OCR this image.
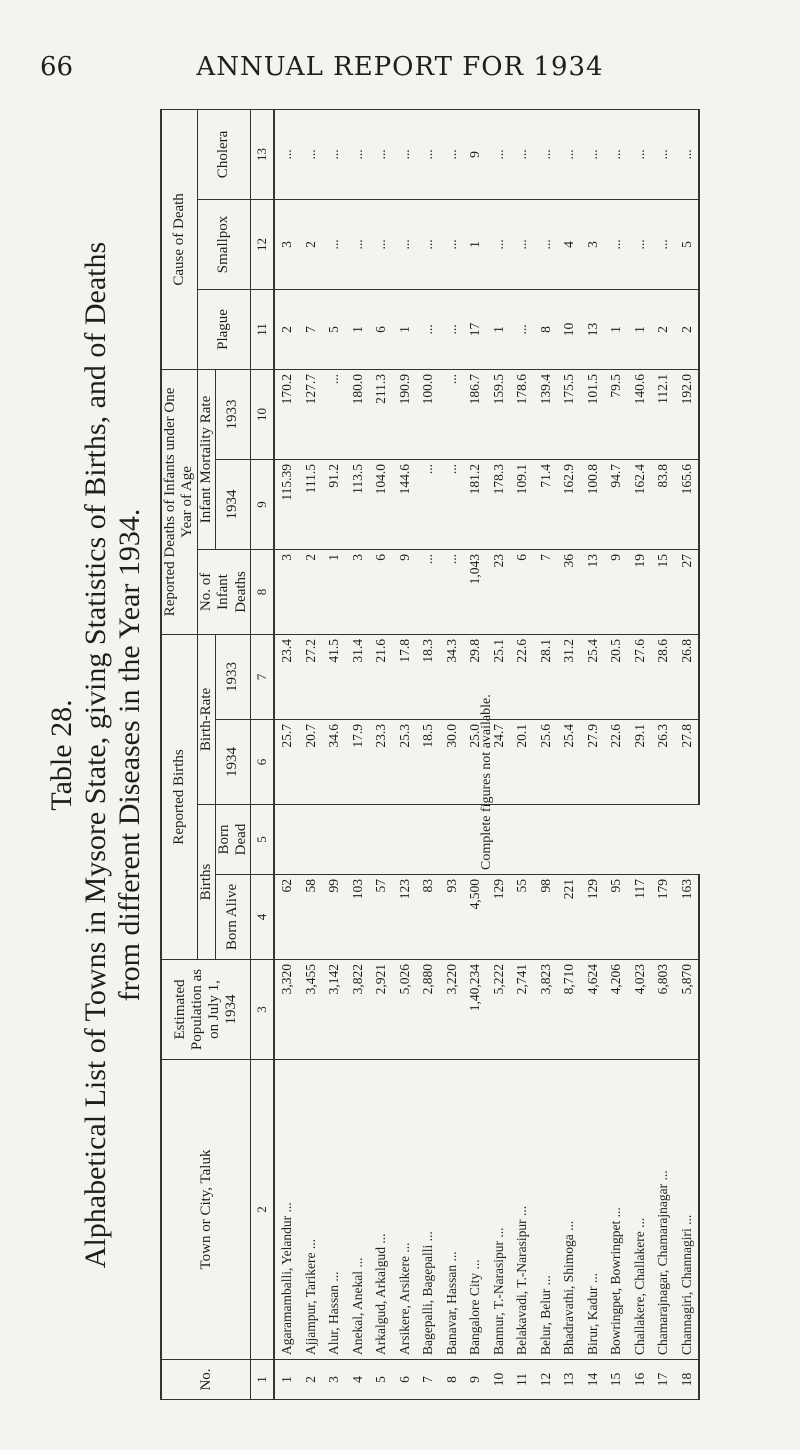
66	ANNUAL REPORT FOR 1934
Table 28. Alphabetical List of Towns in Mysore State, giving Statistics of Births, and of Deaths from different Diseases in the Year 1934.
No.	Town or City, Taluk	Estimated Population as on July 1, 1934	Reported Births				Reported Deaths of Infants under One Year of Age			Cause of Death		
			Births		Birth-Rate		No. of Infant Deaths	Infant Mortality Rate		Plague	Smallpox	Cholera
			Born Alive	Born Dead	1934	1933		1934	1933			
1	2	3	4	5	6	7	8	9	10	11	12	13
1	Agaramamballi, Yelandur ...	3,320	62	Complete figures not available.	25.7	23.4	3	115.39	170.2	2	3	...
2	Ajjampur, Tarikere ...	3,455	58		20.7	27.2	2	111.5	127.7	7	2	...
3	Alur, Hassan ...	3,142	99		34.6	41.5	1	91.2	...	5	...	...
4	Anekal, Anekal ...	3,822	103		17.9	31.4	3	113.5	180.0	1	...	...
5	Arkalgud, Arkalgud ...	2,921	57		23.3	21.6	6	104.0	211.3	6	...	...
6	Arsikere, Arsikere ...	5,026	123		25.3	17.8	9	144.6	190.9	1	...	...
7	Bagepalli, Bagepalli ...	2,880	83		18.5	18.3	...	...	100.0	...	...	...
8	Banavar, Hassan ...	3,220	93		30.0	34.3	...	...	...	...	...	...
9	Bangalore City ...	1,40,234	4,500		25.0	29.8	1,043	181.2	186.7	17	1	9
10	Bannur, T.-Narasipur ...	5,222	129		24.7	25.1	23	178.3	159.5	1	...	...
11	Belakavadi, T.-Narasipur ...	2,741	55		20.1	22.6	6	109.1	178.6	...	...	...
12	Belur, Belur ...	3,823	98		25.6	28.1	7	71.4	139.4	8	...	...
13	Bhadravathi, Shimoga ...	8,710	221		25.4	31.2	36	162.9	175.5	10	4	...
14	Birur, Kadur ...	4,624	129		27.9	25.4	13	100.8	101.5	13	3	...
15	Bowringpet, Bowringpet ...	4,206	95		22.6	20.5	9	94.7	79.5	1	...	...
16	Challakere, Challakere ...	4,023	117		29.1	27.6	19	162.4	140.6	1	...	...
17	Chamarajnagar, Chamarajnagar ...	6,803	179		26.3	28.6	15	83.8	112.1	2	...	...
18	Channagiri, Channagiri ...	5,870	163		27.8	26.8	27	165.6	192.0	2	5	...
